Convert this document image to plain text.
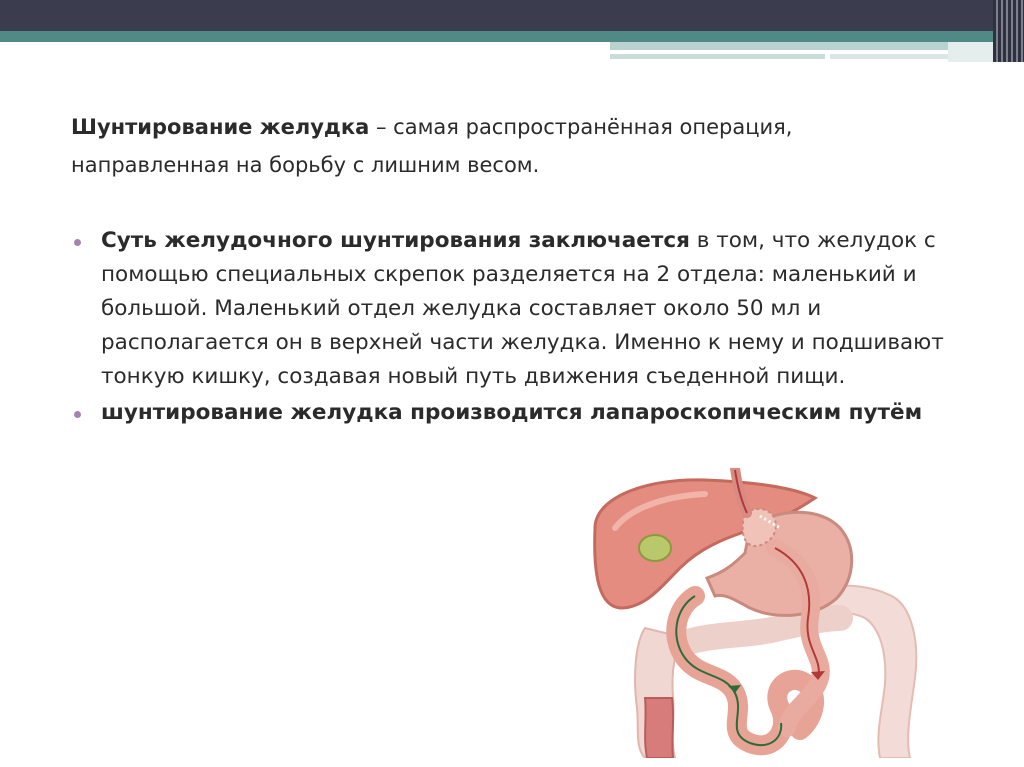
Шунтирование желудка – самая распространённая операция, направленная на борьбу с лишним весом.

Суть желудочного шунтирования заключается в том, что желудок с помощью специальных скрепок разделяется на 2 отдела: маленький и большой. Маленький отдел желудка составляет около 50 мл и располагается он в верхней части желудка. Именно к нему и подшивают тонкую кишку, создавая новый путь движения съеденной пищи.
шунтирование желудка производится лапароскопическим путём
